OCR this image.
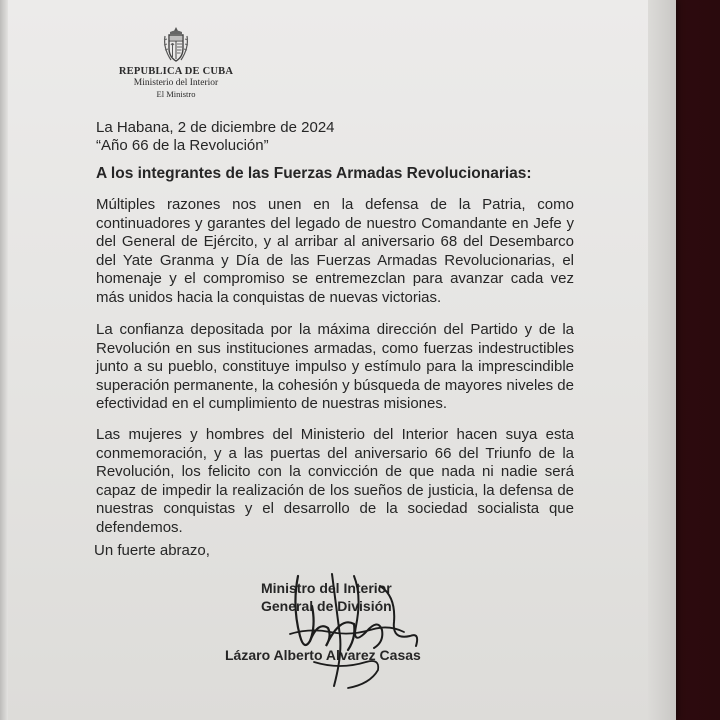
REPUBLICA DE CUBA
Ministerio del Interior
El Ministro
La Habana, 2 de diciembre de 2024
“Año 66 de la Revolución”
A los integrantes de las Fuerzas Armadas Revolucionarias:
Múltiples razones nos unen en la defensa de la Patria, como continuadores y garantes del legado de nuestro Comandante en Jefe y del General de Ejército, y al arribar al aniversario 68 del Desembarco del Yate Granma y Día de las Fuerzas Armadas Revolucionarias, el homenaje y el compromiso se entremezclan para avanzar cada vez más unidos hacia la conquistas de nuevas victorias.
La confianza depositada por la máxima dirección del Partido y de la Revolución en sus instituciones armadas, como fuerzas indestructibles junto a su pueblo, constituye impulso y estímulo para la imprescindible superación permanente, la cohesión y búsqueda de mayores niveles de efectividad en el cumplimiento de nuestras misiones.
Las mujeres y hombres del Ministerio del Interior hacen suya esta conmemoración, y a las puertas del aniversario 66 del Triunfo de la Revolución, los felicito con la convicción de que nada ni nadie será capaz de impedir la realización de los sueños de justicia, la defensa de nuestras conquistas y el desarrollo de la sociedad socialista que defendemos.
Un fuerte abrazo,
Ministro del Interior
General de División
Lázaro Alberto Alvarez Casas
